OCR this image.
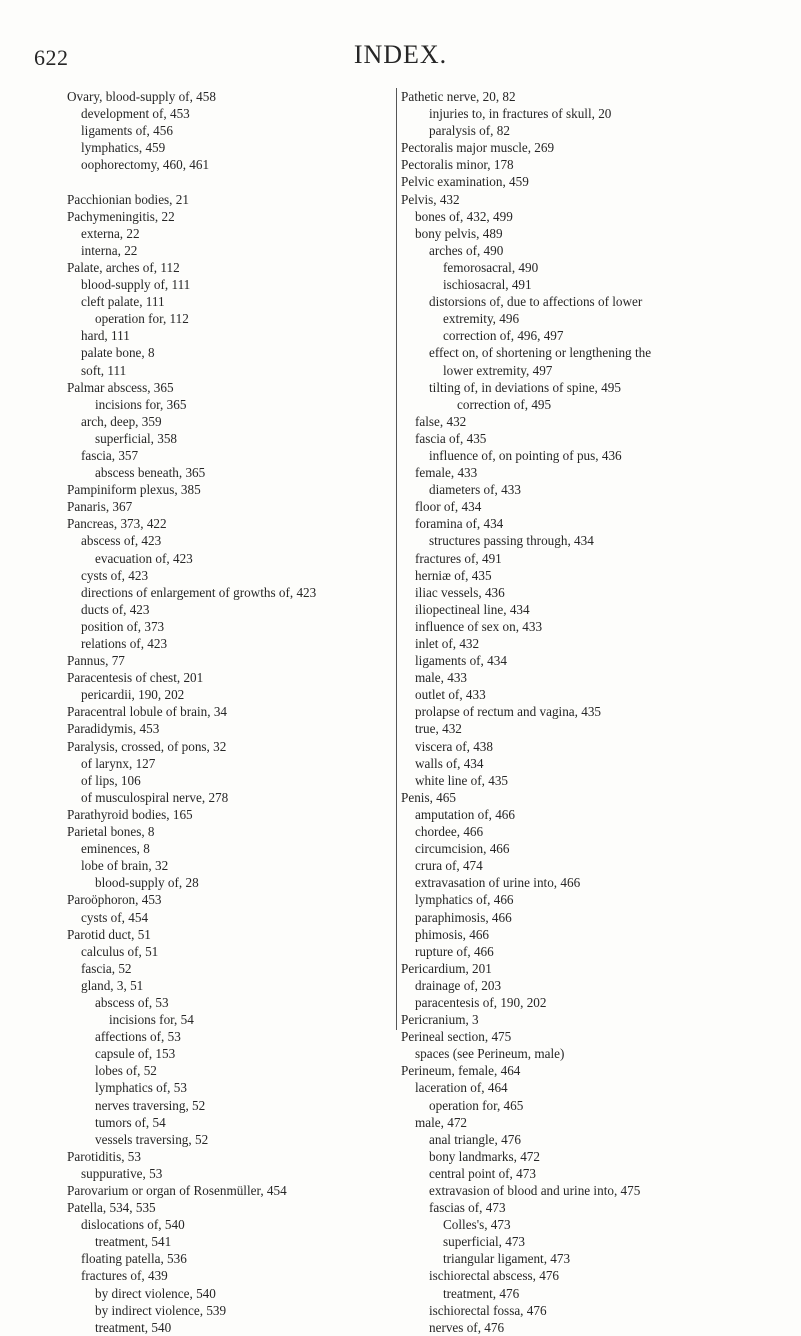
622	INDEX.
Ovary, blood-supply of, 458
development of, 453
ligaments of, 456
lymphatics, 459
oophorectomy, 460, 461
Pacchionian bodies, 21
Pachymeningitis, 22
externa, 22
interna, 22
Palate, arches of, 112
blood-supply of, 111
cleft palate, 111
operation for, 112
hard, 111
palate bone, 8
soft, 111
Palmar abscess, 365
incisions for, 365
arch, deep, 359
superficial, 358
fascia, 357
abscess beneath, 365
Pampiniform plexus, 385
Panaris, 367
Pancreas, 373, 422
abscess of, 423
evacuation of, 423
cysts of, 423
directions of enlargement of growths of, 423
ducts of, 423
position of, 373
relations of, 423
Pannus, 77
Paracentesis of chest, 201
pericardii, 190, 202
Paracentral lobule of brain, 34
Paradidymis, 453
Paralysis, crossed, of pons, 32
of larynx, 127
of lips, 106
of musculospiral nerve, 278
Parathyroid bodies, 165
Parietal bones, 8
eminences, 8
lobe of brain, 32
blood-supply of, 28
Paroöphoron, 453
cysts of, 454
Parotid duct, 51
calculus of, 51
fascia, 52
gland, 3, 51
abscess of, 53
incisions for, 54
affections of, 53
capsule of, 153
lobes of, 52
lymphatics of, 53
nerves traversing, 52
tumors of, 54
vessels traversing, 52
Parotiditis, 53
suppurative, 53
Parovarium or organ of Rosenmüller, 454
Patella, 534, 535
dislocations of, 540
treatment, 541
floating patella, 536
fractures of, 439
by direct violence, 540
by indirect violence, 539
treatment, 540
Pathetic nerve, 20, 82
injuries to, in fractures of skull, 20
paralysis of, 82
Pectoralis major muscle, 269
Pectoralis minor, 178
Pelvic examination, 459
Pelvis, 432
bones of, 432, 499
bony pelvis, 489
arches of, 490
femorosacral, 490
ischiosacral, 491
distorsions of, due to affections of lower
extremity, 496
correction of, 496, 497
effect on, of shortening or lengthening the
lower extremity, 497
tilting of, in deviations of spine, 495
correction of, 495
false, 432
fascia of, 435
influence of, on pointing of pus, 436
female, 433
diameters of, 433
floor of, 434
foramina of, 434
structures passing through, 434
fractures of, 491
herniæ of, 435
iliac vessels, 436
iliopectineal line, 434
influence of sex on, 433
inlet of, 432
ligaments of, 434
male, 433
outlet of, 433
prolapse of rectum and vagina, 435
true, 432
viscera of, 438
walls of, 434
white line of, 435
Penis, 465
amputation of, 466
chordee, 466
circumcision, 466
crura of, 474
extravasation of urine into, 466
lymphatics of, 466
paraphimosis, 466
phimosis, 466
rupture of, 466
Pericardium, 201
drainage of, 203
paracentesis of, 190, 202
Pericranium, 3
Perineal section, 475
spaces (see Perineum, male)
Perineum, female, 464
laceration of, 464
operation for, 465
male, 472
anal triangle, 476
bony landmarks, 472
central point of, 473
extravasion of blood and urine into, 475
fascias of, 473
Colles's, 473
superficial, 473
triangular ligament, 473
ischiorectal abscess, 476
treatment, 476
ischiorectal fossa, 476
nerves of, 476
